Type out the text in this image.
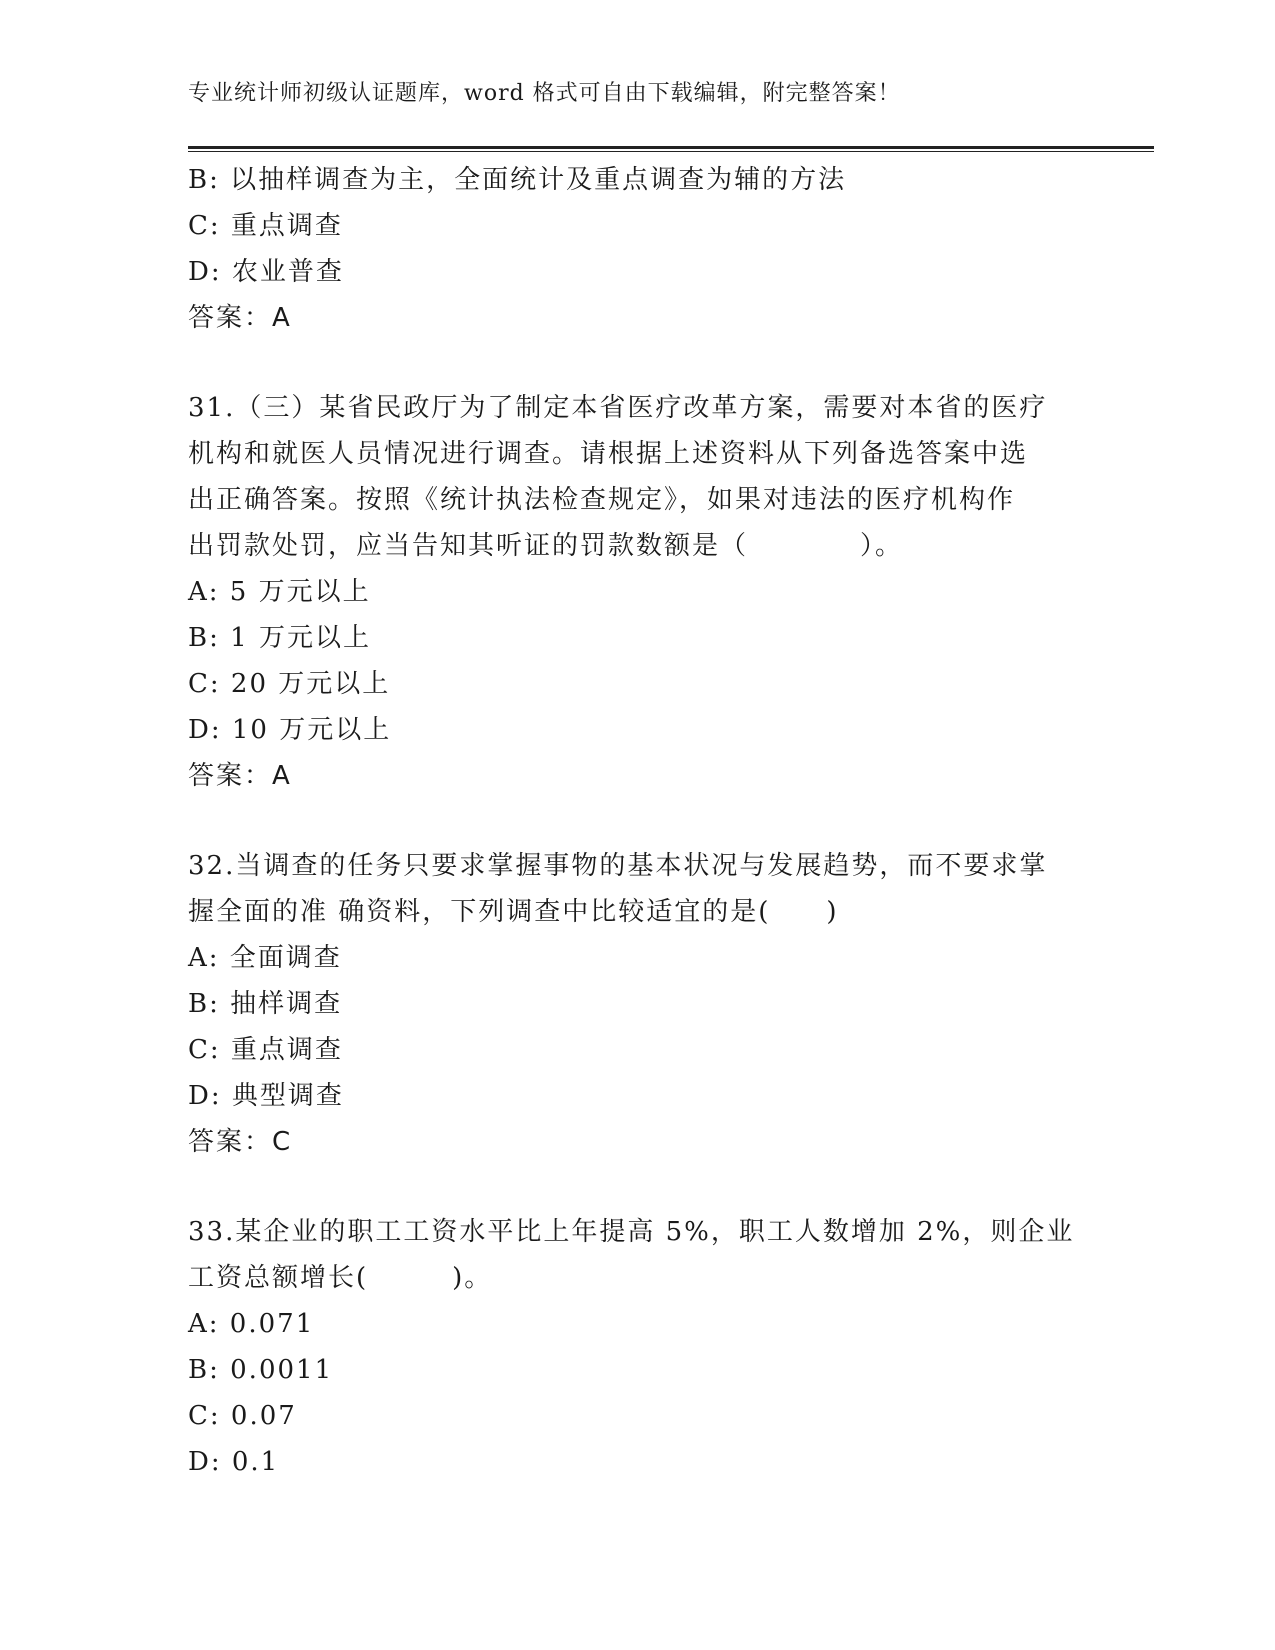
专业统计师初级认证题库，word 格式可自由下载编辑，附完整答案！
B: 以抽样调查为主，全面统计及重点调查为辅的方法
C: 重点调查
D: 农业普查
答案：A
31.（三）某省民政厅为了制定本省医疗改革方案，需要对本省的医疗
机构和就医人员情况进行调查。请根据上述资料从下列备选答案中选
出正确答案。按照《统计执法检查规定》，如果对违法的医疗机构作
出罚款处罚，应当告知其听证的罚款数额是（　　　　）。
A: 5 万元以上
B: 1 万元以上
C: 20 万元以上
D: 10 万元以上
答案：A
32.当调查的任务只要求掌握事物的基本状况与发展趋势，而不要求掌
握全面的准 确资料，下列调查中比较适宜的是(　　)
A: 全面调查
B: 抽样调查
C: 重点调查
D: 典型调查
答案：C
33.某企业的职工工资水平比上年提高 5%，职工人数增加 2%，则企业
工资总额增长(　　　)。
A: 0.071
B: 0.0011
C: 0.07
D: 0.1
